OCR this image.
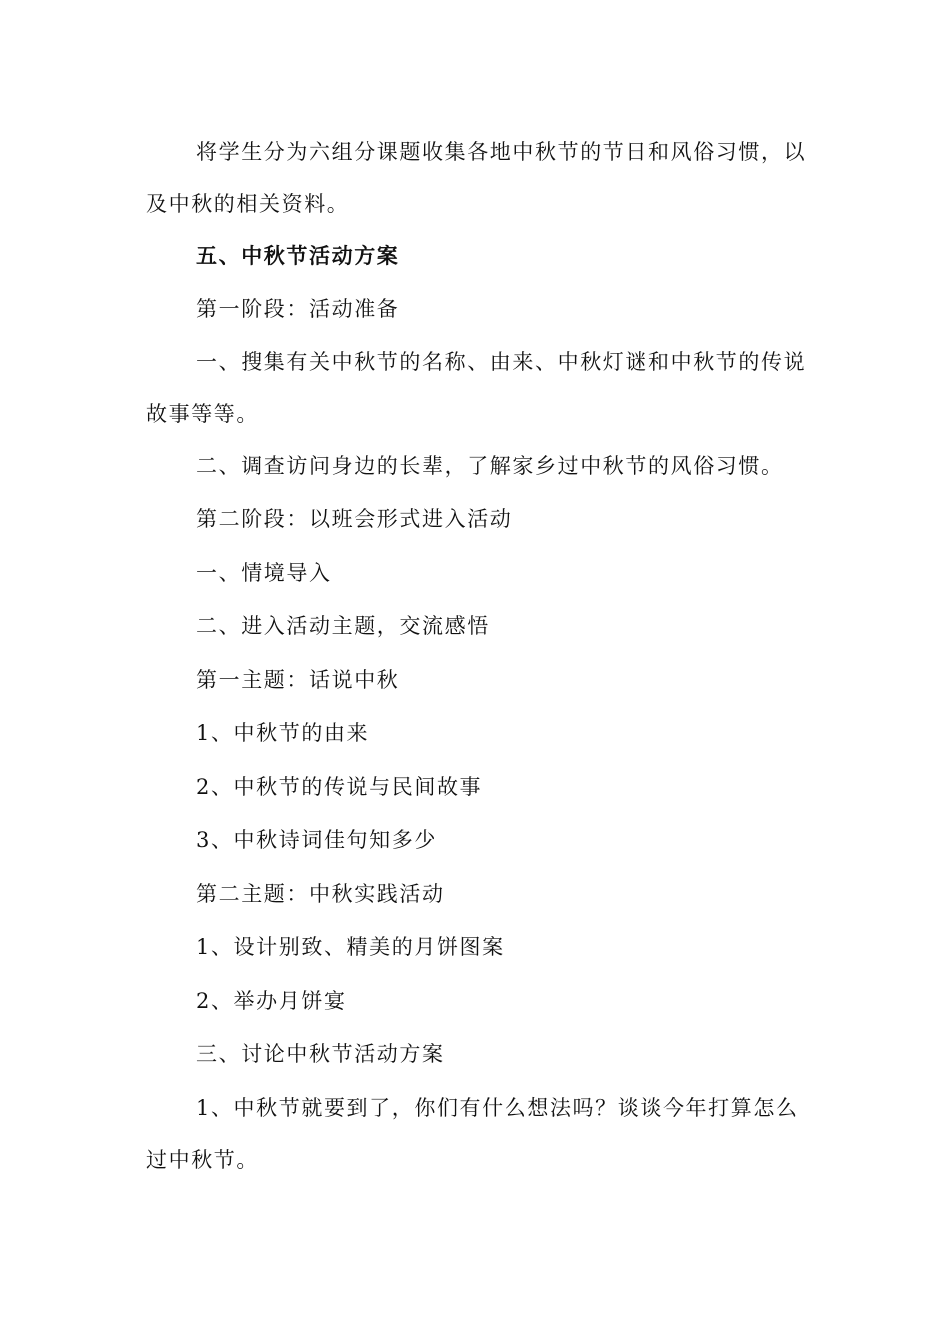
将学生分为六组分课题收集各地中秋节的节日和风俗习惯，以及中秋的相关资料。

五、中秋节活动方案

第一阶段：活动准备

一、搜集有关中秋节的名称、由来、中秋灯谜和中秋节的传说故事等等。

二、调查访问身边的长辈，了解家乡过中秋节的风俗习惯。

第二阶段：以班会形式进入活动

一、情境导入

二、进入活动主题，交流感悟

第一主题：话说中秋

1、中秋节的由来

2、中秋节的传说与民间故事

3、中秋诗词佳句知多少

第二主题：中秋实践活动

1、设计别致、精美的月饼图案

2、举办月饼宴

三、讨论中秋节活动方案

1、中秋节就要到了，你们有什么想法吗？谈谈今年打算怎么过中秋节。
